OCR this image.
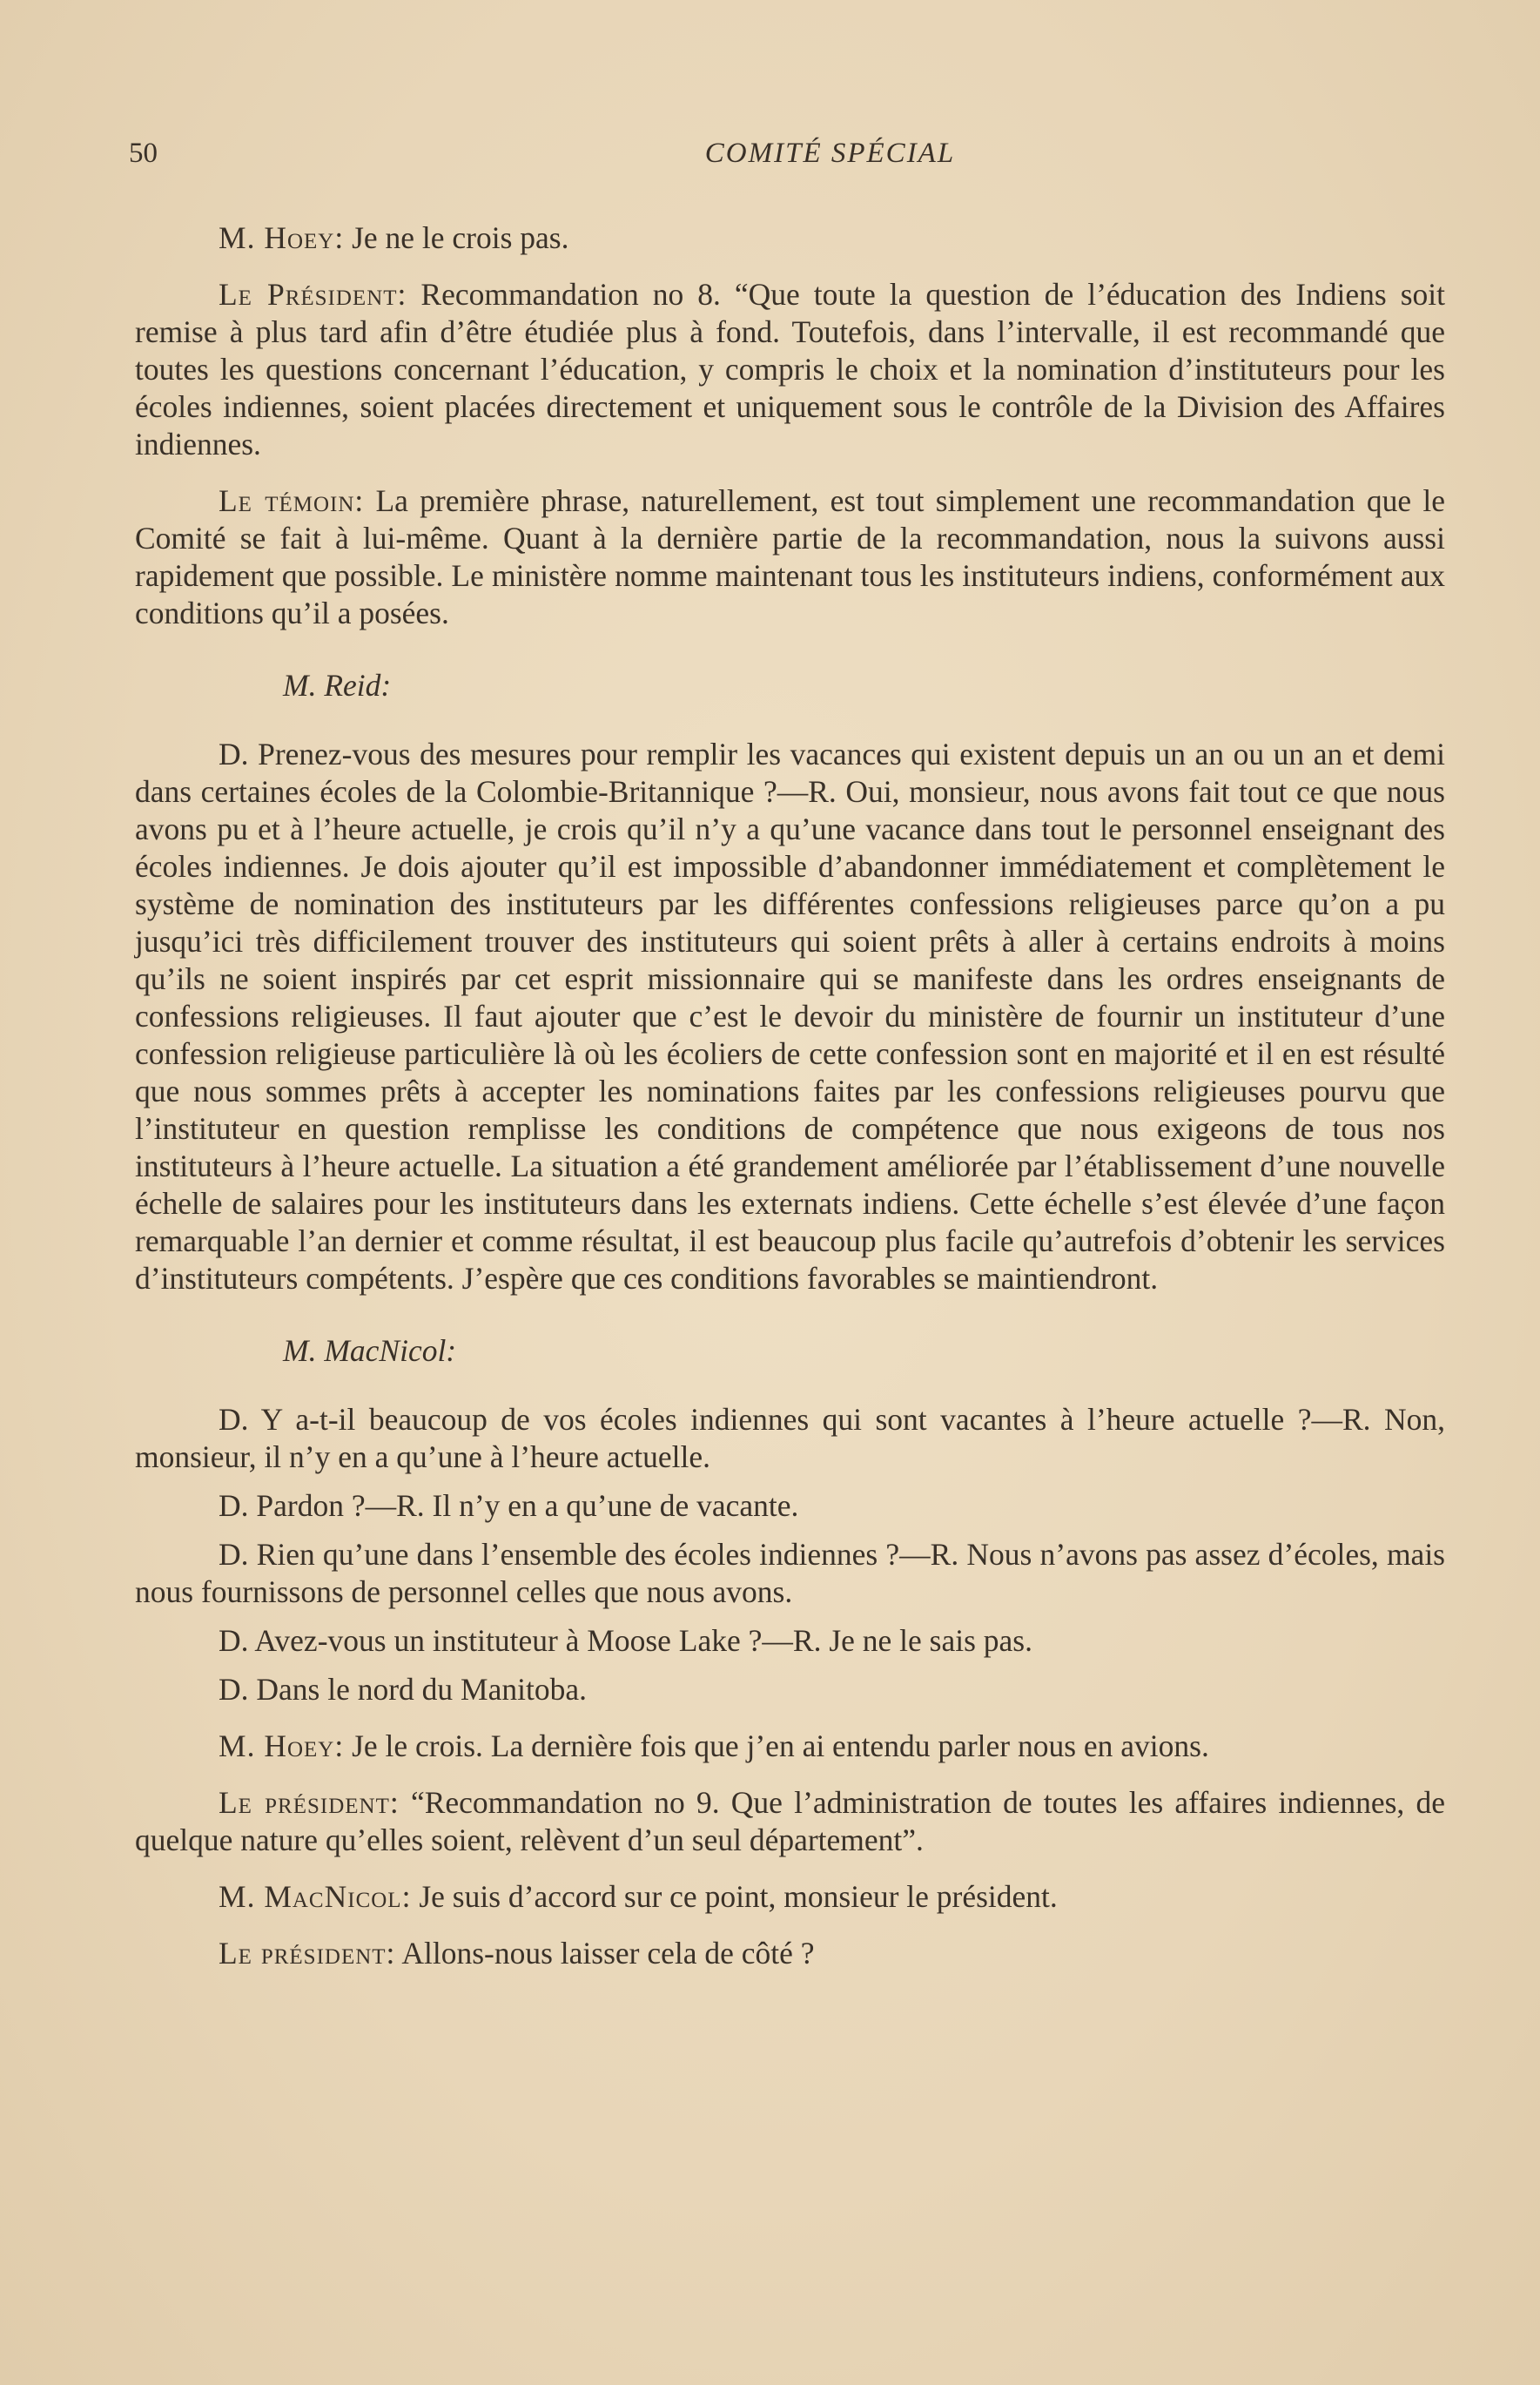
50	COMITÉ SPÉCIAL

M. Hoey: Je ne le crois pas.

Le Président: Recommandation no 8. “Que toute la question de l’éducation des Indiens soit remise à plus tard afin d’être étudiée plus à fond. Toutefois, dans l’intervalle, il est recommandé que toutes les questions concernant l’éducation, y compris le choix et la nomination d’instituteurs pour les écoles indiennes, soient placées directement et uniquement sous le contrôle de la Division des Affaires indiennes.

Le témoin: La première phrase, naturellement, est tout simplement une recommandation que le Comité se fait à lui-même. Quant à la dernière partie de la recommandation, nous la suivons aussi rapidement que possible. Le ministère nomme maintenant tous les instituteurs indiens, conformément aux conditions qu’il a posées.

M. Reid:

D. Prenez-vous des mesures pour remplir les vacances qui existent depuis un an ou un an et demi dans certaines écoles de la Colombie-Britannique ?—R. Oui, monsieur, nous avons fait tout ce que nous avons pu et à l’heure actuelle, je crois qu’il n’y a qu’une vacance dans tout le personnel enseignant des écoles indiennes. Je dois ajouter qu’il est impossible d’abandonner immédiatement et complètement le système de nomination des instituteurs par les différentes confessions religieuses parce qu’on a pu jusqu’ici très difficilement trouver des instituteurs qui soient prêts à aller à certains endroits à moins qu’ils ne soient inspirés par cet esprit missionnaire qui se manifeste dans les ordres enseignants de confessions religieuses. Il faut ajouter que c’est le devoir du ministère de fournir un instituteur d’une confession religieuse particulière là où les écoliers de cette confession sont en majorité et il en est résulté que nous sommes prêts à accepter les nominations faites par les confessions religieuses pourvu que l’instituteur en question remplisse les conditions de compétence que nous exigeons de tous nos instituteurs à l’heure actuelle. La situation a été grandement améliorée par l’établissement d’une nouvelle échelle de salaires pour les instituteurs dans les externats indiens. Cette échelle s’est élevée d’une façon remarquable l’an dernier et comme résultat, il est beaucoup plus facile qu’autrefois d’obtenir les services d’instituteurs compétents. J’espère que ces conditions favorables se maintiendront.

M. MacNicol:

D. Y a-t-il beaucoup de vos écoles indiennes qui sont vacantes à l’heure actuelle ?—R. Non, monsieur, il n’y en a qu’une à l’heure actuelle.

D. Pardon ?—R. Il n’y en a qu’une de vacante.

D. Rien qu’une dans l’ensemble des écoles indiennes ?—R. Nous n’avons pas assez d’écoles, mais nous fournissons de personnel celles que nous avons.

D. Avez-vous un instituteur à Moose Lake ?—R. Je ne le sais pas.

D. Dans le nord du Manitoba.

M. Hoey: Je le crois. La dernière fois que j’en ai entendu parler nous en avions.

Le président: “Recommandation no 9. Que l’administration de toutes les affaires indiennes, de quelque nature qu’elles soient, relèvent d’un seul département”.

M. MacNicol: Je suis d’accord sur ce point, monsieur le président.

Le président: Allons-nous laisser cela de côté ?
